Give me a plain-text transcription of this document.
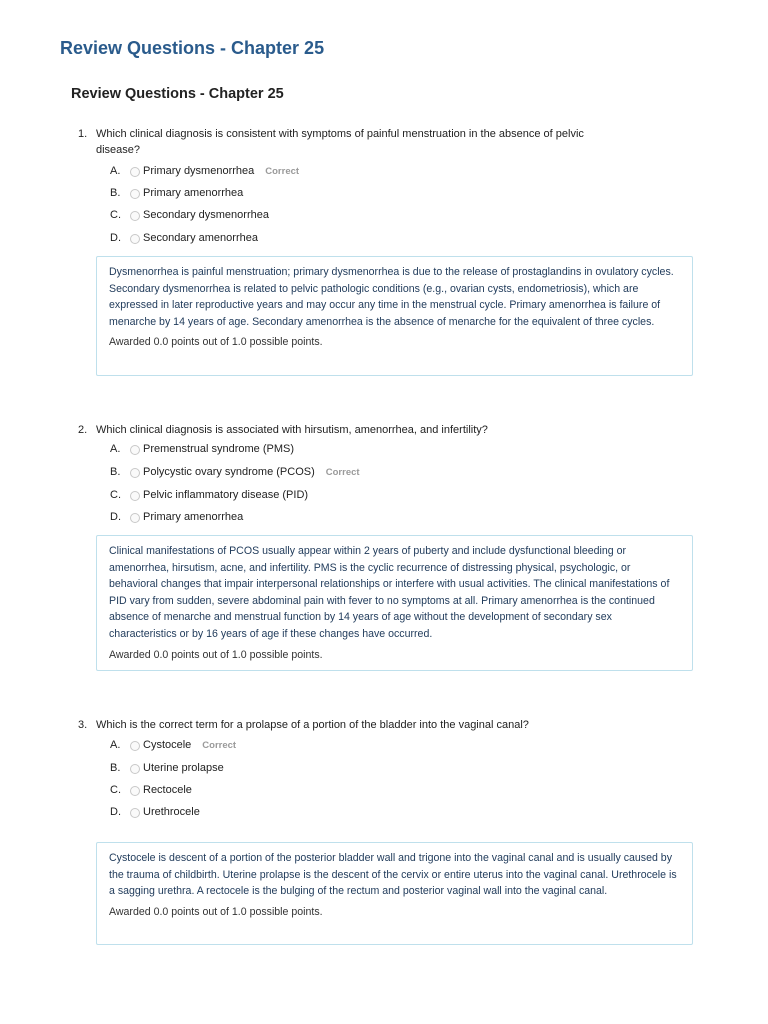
Review Questions - Chapter 25
Review Questions - Chapter 25
1. Which clinical diagnosis is consistent with symptoms of painful menstruation in the absence of pelvic disease?
A. Primary dysmenorrhea Correct
B. Primary amenorrhea
C. Secondary dysmenorrhea
D. Secondary amenorrhea
Dysmenorrhea is painful menstruation; primary dysmenorrhea is due to the release of prostaglandins in ovulatory cycles. Secondary dysmenorrhea is related to pelvic pathologic conditions (e.g., ovarian cysts, endometriosis), which are expressed in later reproductive years and may occur any time in the menstrual cycle. Primary amenorrhea is failure of menarche by 14 years of age. Secondary amenorrhea is the absence of menarche for the equivalent of three cycles.
Awarded 0.0 points out of 1.0 possible points.
2. Which clinical diagnosis is associated with hirsutism, amenorrhea, and infertility?
A. Premenstrual syndrome (PMS)
B. Polycystic ovary syndrome (PCOS) Correct
C. Pelvic inflammatory disease (PID)
D. Primary amenorrhea
Clinical manifestations of PCOS usually appear within 2 years of puberty and include dysfunctional bleeding or amenorrhea, hirsutism, acne, and infertility. PMS is the cyclic recurrence of distressing physical, psychologic, or behavioral changes that impair interpersonal relationships or interfere with usual activities. The clinical manifestations of PID vary from sudden, severe abdominal pain with fever to no symptoms at all. Primary amenorrhea is the continued absence of menarche and menstrual function by 14 years of age without the development of secondary sex characteristics or by 16 years of age if these changes have occurred.
Awarded 0.0 points out of 1.0 possible points.
3. Which is the correct term for a prolapse of a portion of the bladder into the vaginal canal?
A. Cystocele Correct
B. Uterine prolapse
C. Rectocele
D. Urethrocele
Cystocele is descent of a portion of the posterior bladder wall and trigone into the vaginal canal and is usually caused by the trauma of childbirth. Uterine prolapse is the descent of the cervix or entire uterus into the vaginal canal. Urethrocele is a sagging urethra. A rectocele is the bulging of the rectum and posterior vaginal wall into the vaginal canal.
Awarded 0.0 points out of 1.0 possible points.
